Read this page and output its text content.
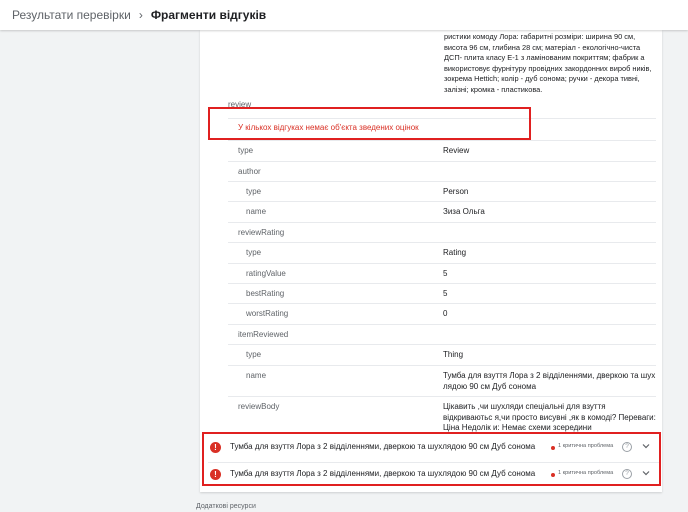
Результати перевірки › Фрагменти відгуків
ристики комоду Лора: габаритні розміри: ширина 90 см, висота 96 см, глибина 28 см; матеріал - екологічно-чиста ДСП- плита класу Е-1 з ламінованим покриттям; фабрик а використовує фурнітуру провідних закордонних вироб ників, зокрема Hettich; колір - дуб сонома; ручки - декора тивні, залізні; кромка - пластикова.
review
У кількох відгуках немає об'єкта зведених оцінок
type	Review
author
type	Person
name	Зиза Ольга
reviewRating
type	Rating
ratingValue	5
bestRating	5
worstRating	0
itemReviewed
type	Thing
name	Тумба для взуття Лора з 2 відділеннями, дверкою та шух лядою 90 см Дуб сонома
reviewBody	Цікавить ,чи шухляди спеціальні для взуття відкриваютьс я,чи просто висувні ,як в комоді? Переваги: Ціна Недолік и: Немає схеми зсередини
!	Тумба для взуття Лора з 2 відділеннями, дверкою та шухлядою 90 см Дуб сонома	1 критична проблема	?
!	Тумба для взуття Лора з 2 відділеннями, дверкою та шухлядою 90 см Дуб сонома	1 критична проблема	?
Додаткові ресурси
